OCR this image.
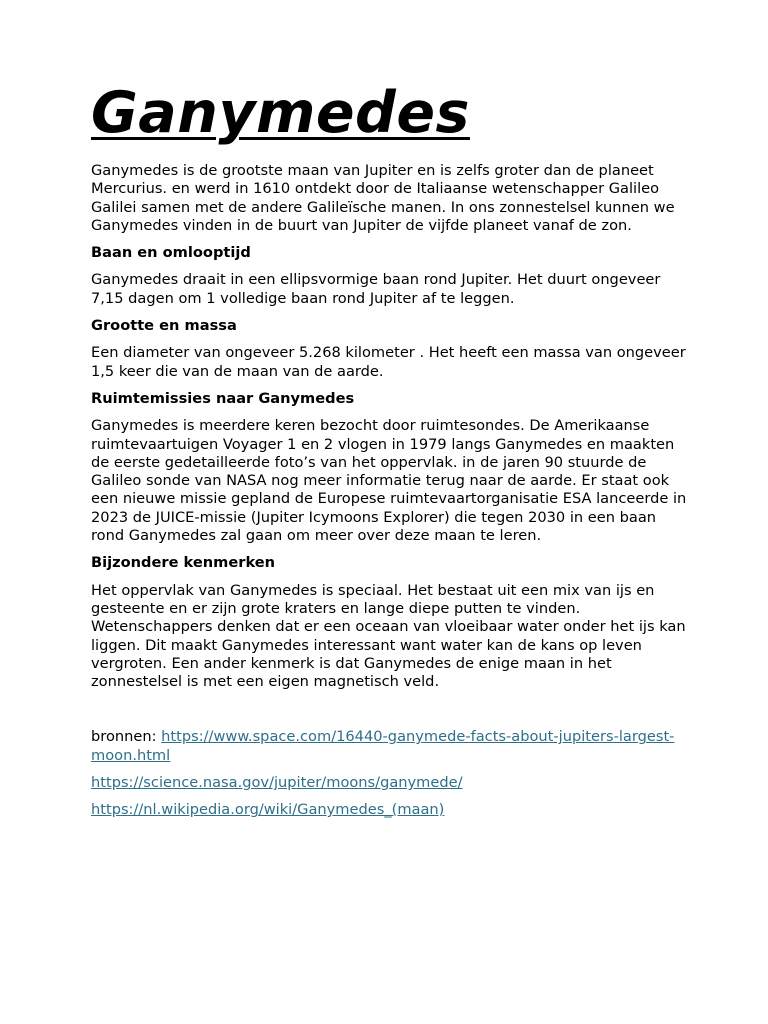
Ganymedes

Ganymedes is de grootste maan van Jupiter en is zelfs groter dan de planeet Mercurius. en werd in 1610 ontdekt door de Italiaanse wetenschapper Galileo Galilei samen met de andere Galileïsche manen. In ons zonnestelsel kunnen we Ganymedes vinden in de buurt van Jupiter de vijfde planeet vanaf de zon.

Baan en omlooptijd

Ganymedes draait in een ellipsvormige baan rond Jupiter. Het duurt ongeveer 7,15 dagen om 1 volledige baan rond Jupiter af te leggen.

Grootte en massa

Een diameter van ongeveer 5.268 kilometer . Het heeft een massa van ongeveer 1,5 keer die van de maan van de aarde.

Ruimtemissies naar Ganymedes

Ganymedes is meerdere keren bezocht door ruimtesondes. De Amerikaanse ruimtevaartuigen Voyager 1 en 2 vlogen in 1979 langs Ganymedes en maakten de eerste gedetailleerde foto’s van het oppervlak. in de jaren 90 stuurde de Galileo sonde van NASA nog meer informatie terug naar de aarde. Er staat ook een nieuwe missie gepland de Europese ruimtevaartorganisatie ESA lanceerde in 2023 de JUICE-missie (Jupiter Icymoons Explorer) die tegen 2030 in een baan rond Ganymedes zal gaan om meer over deze maan te leren.

Bijzondere kenmerken

Het oppervlak van Ganymedes is speciaal. Het bestaat uit een mix van ijs en gesteente en er zijn grote kraters en lange diepe putten te vinden. Wetenschappers denken dat er een oceaan van vloeibaar water onder het ijs kan liggen. Dit maakt Ganymedes interessant want water kan de kans op leven vergroten. Een ander kenmerk is dat Ganymedes de enige maan in het zonnestelsel is met een eigen magnetisch veld.

bronnen: https://www.space.com/16440-ganymede-facts-about-jupiters-largest-moon.html

https://science.nasa.gov/jupiter/moons/ganymede/

https://nl.wikipedia.org/wiki/Ganymedes_(maan)
